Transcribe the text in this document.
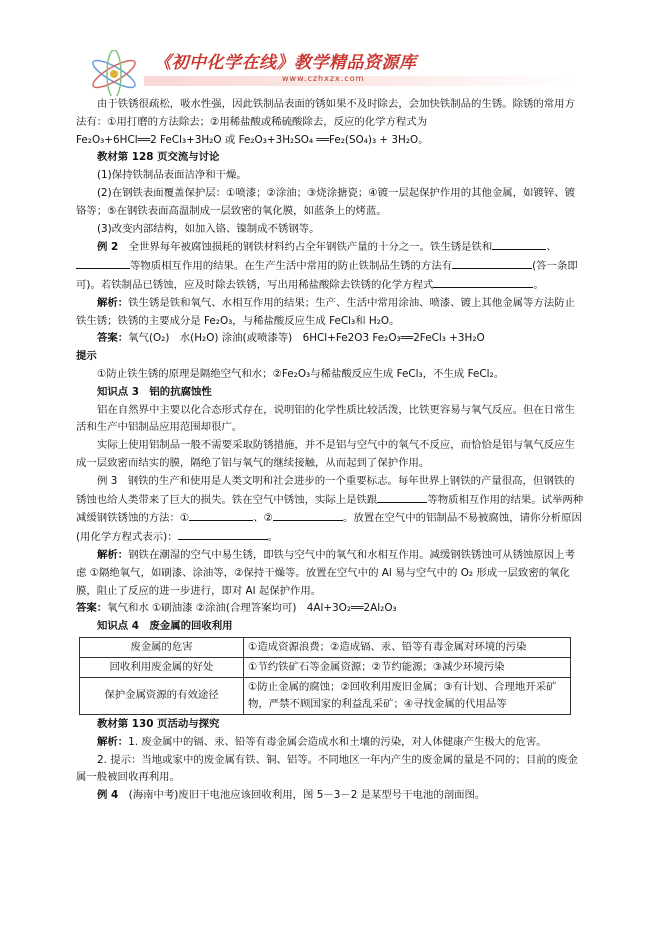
《初中化学在线》教学精品资源库
www.czhxzx.com

由于铁锈很疏松，吸水性强，因此铁制品表面的锈如果不及时除去，会加快铁制品的生锈。除锈的常用方法有：①用打磨的方法除去；②用稀盐酸或稀硫酸除去，反应的化学方程式为

Fe₂O₃+6HCl══2 FeCl₃+3H₂O 或 Fe₂O₃+3H₂SO₄ ══Fe₂(SO₄)₃ + 3H₂O。

教材第 128 页交流与讨论

(1)保持铁制品表面洁净和干燥。

(2)在钢铁表面覆盖保护层：①喷漆；②涂油；③烧涂搪瓷；④镀一层起保护作用的其他金属，如镀锌、镀铬等；⑤在钢铁表面高温制成一层致密的氧化膜，如蓝条上的烤蓝。

(3)改变内部结构，如加入铬、镍制成不锈钢等。

例 2　 全世界每年被腐蚀损耗的钢铁材料约占全年钢铁产量的十分之一。铁生锈是铁和	、等物质相互作用的结果。在生产生活中常用的防止铁制品生锈的方法有	(答一条即可)。若铁制品已锈蚀，应及时除去铁锈，写出用稀盐酸除去铁锈的化学方程式	。

解析：铁生锈是铁和氧气、水相互作用的结果；生产、生活中常用涂油、喷漆、镀上其他金属等方法防止铁生锈；铁锈的主要成分是 Fe₂O₃，与稀盐酸反应生成 FeCl₃和 H₂O。

答案：氧气(O₂)　水(H₂O) 涂油(或喷漆等)　6HCl+Fe2O3 Fe₂O₃══2FeCl₃ +3H₂O

提示

①防止铁生锈的原理是隔绝空气和水；②Fe₂O₃与稀盐酸反应生成 FeCl₃，不生成 FeCl₂。

知识点 3　铝的抗腐蚀性

铝在自然界中主要以化合态形式存在，说明铝的化学性质比较活泼，比铁更容易与氧气反应。但在日常生活和生产中铝制品应用范围却很广。

实际上使用铝制品一般不需要采取防锈措施，并不是铝与空气中的氧气不反应，而恰恰是铝与氧气反应生成一层致密而结实的膜，隔绝了铝与氧气的继续接触，从而起到了保护作用。

例 3　钢铁的生产和使用是人类文明和社会进步的一个重要标志。每年世界上钢铁的产量很高，但钢铁的锈蚀也给人类带来了巨大的损失。铁在空气中锈蚀，实际上是铁跟	等物质相互作用的结果。试举两种减缓钢铁锈蚀的方法：①	、②	。放置在空气中的铝制品不易被腐蚀，请你分析原因(用化学方程式表示)：	。

解析：钢铁在潮湿的空气中易生锈，即铁与空气中的氧气和水相互作用。减缓钢铁锈蚀可从锈蚀原因上考虑 ①隔绝氧气，如刷漆、涂油等，②保持干燥等。放置在空气中的 Al 易与空气中的 O₂ 形成一层致密的氧化膜，阻止了反应的进一步进行，即对 Al 起保护作用。

答案：氧气和水 ①刷油漆 ②涂油(合理答案均可)　4Al+3O₂══2Al₂O₃

知识点 4　废金属的回收利用

废金属的危害	①造成资源浪费；②造成镉、汞、铅等有毒金属对环境的污染
回收利用废金属的好处	①节约铁矿石等金属资源；②节约能源；③减少环境污染
保护金属资源的有效途径	①防止金属的腐蚀；②回收利用废旧金属；③有计划、合理地开采矿物，严禁不顾国家的利益乱采矿；④寻找金属的代用品等

教材第 130 页活动与探究

解析：1. 废金属中的镉、汞、铅等有毒金属会造成水和土壤的污染，对人体健康产生极大的危害。

2. 提示：当地或家中的废金属有铁、铜、铝等。不同地区一年内产生的废金属的量是不同的；目前的废金属一般被回收再利用。

例 4　 (海南中考)废旧干电池应该回收利用，图 5－3－2 是某型号干电池的剖面图。
